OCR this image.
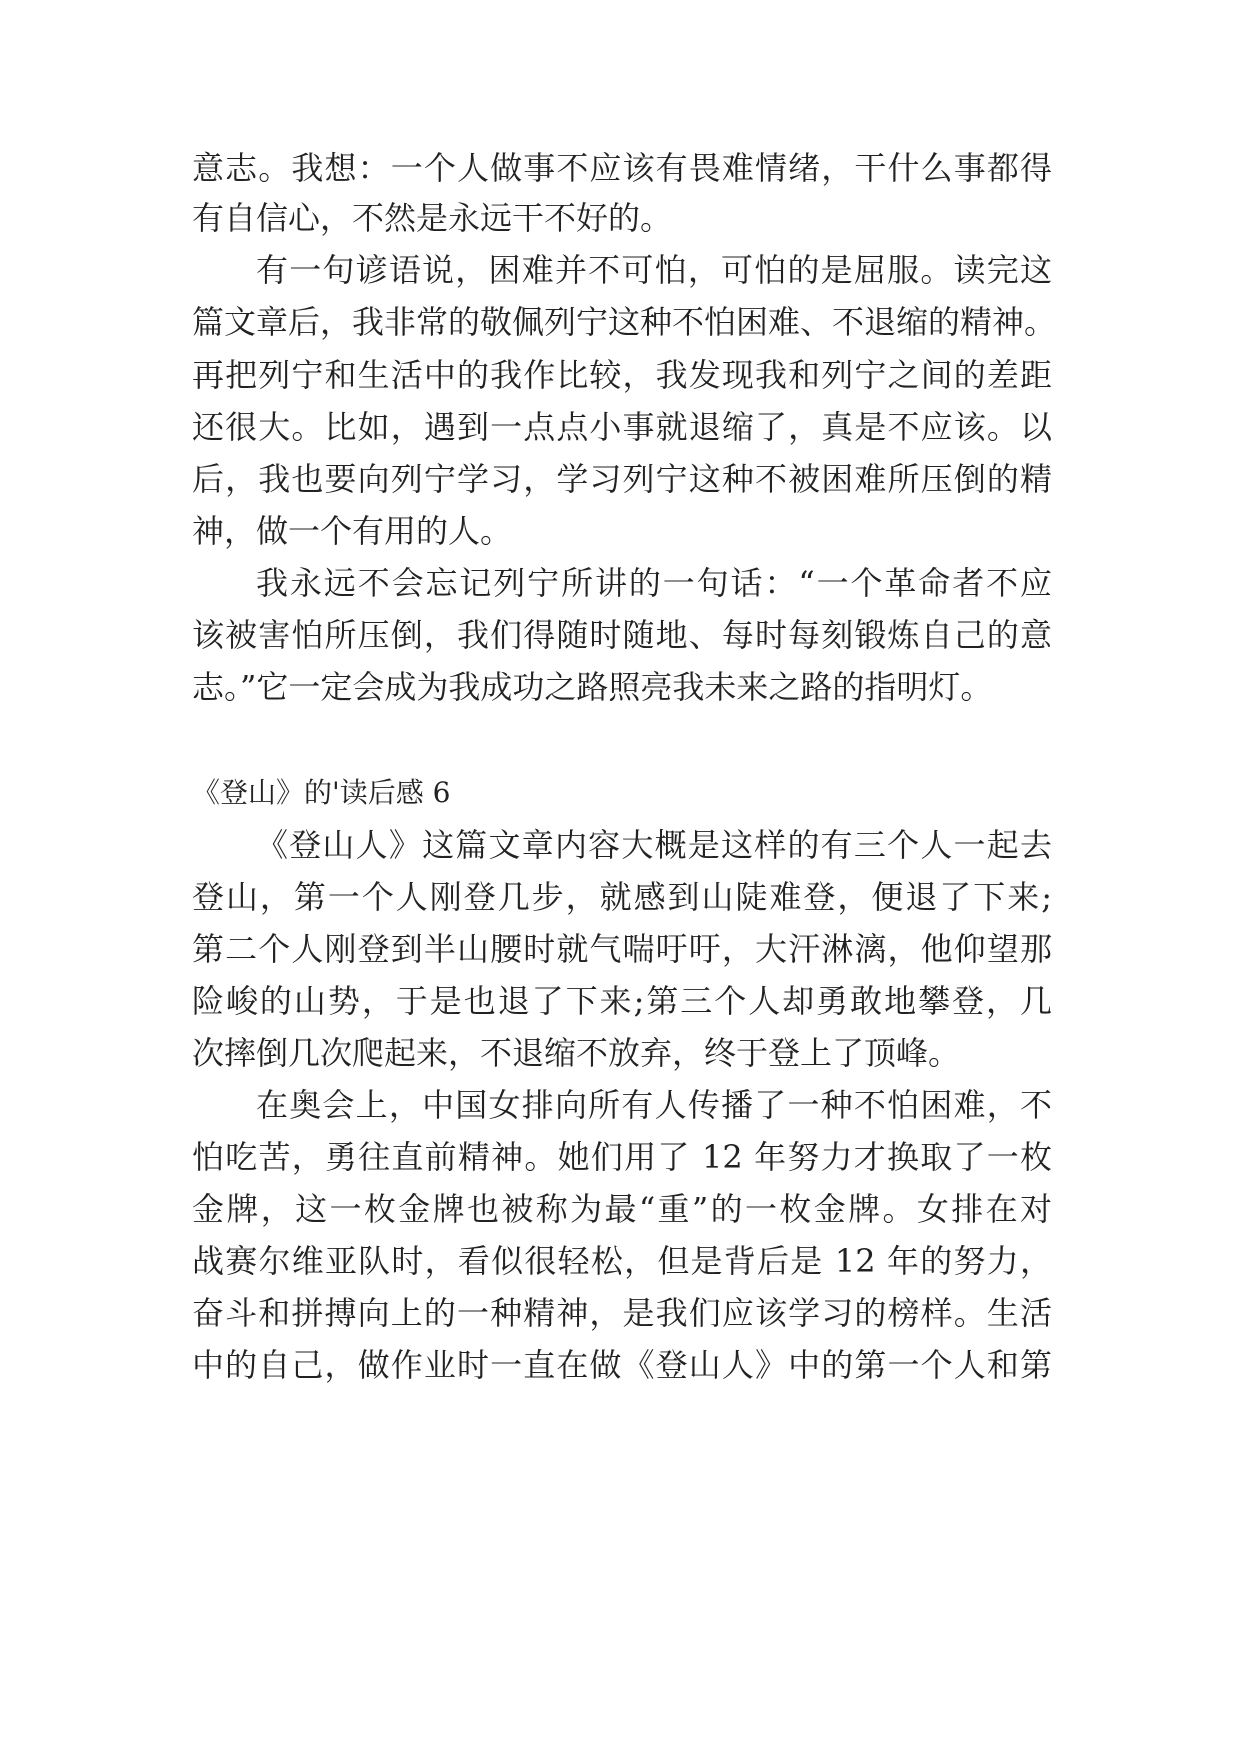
意志。我想：一个人做事不应该有畏难情绪，干什么事都得
有自信心，不然是永远干不好的。
有一句谚语说，困难并不可怕，可怕的是屈服。读完这
篇文章后，我非常的敬佩列宁这种不怕困难、不退缩的精神。
再把列宁和生活中的我作比较，我发现我和列宁之间的差距
还很大。比如，遇到一点点小事就退缩了，真是不应该。以
后，我也要向列宁学习，学习列宁这种不被困难所压倒的精
神，做一个有用的人。
我永远不会忘记列宁所讲的一句话：“一个革命者不应
该被害怕所压倒，我们得随时随地、每时每刻锻炼自己的意
志。”它一定会成为我成功之路照亮我未来之路的指明灯。
《登山》的'读后感 6
《登山人》这篇文章内容大概是这样的有三个人一起去
登山，第一个人刚登几步，就感到山陡难登，便退了下来;
第二个人刚登到半山腰时就气喘吁吁，大汗淋漓，他仰望那
险峻的山势，于是也退了下来;第三个人却勇敢地攀登，几
次摔倒几次爬起来，不退缩不放弃，终于登上了顶峰。
在奥会上，中国女排向所有人传播了一种不怕困难，不
怕吃苦，勇往直前精神。她们用了 12 年努力才换取了一枚
金牌，这一枚金牌也被称为最“重”的一枚金牌。女排在对
战赛尔维亚队时，看似很轻松，但是背后是 12 年的努力，
奋斗和拼搏向上的一种精神，是我们应该学习的榜样。生活
中的自己，做作业时一直在做《登山人》中的第一个人和第
